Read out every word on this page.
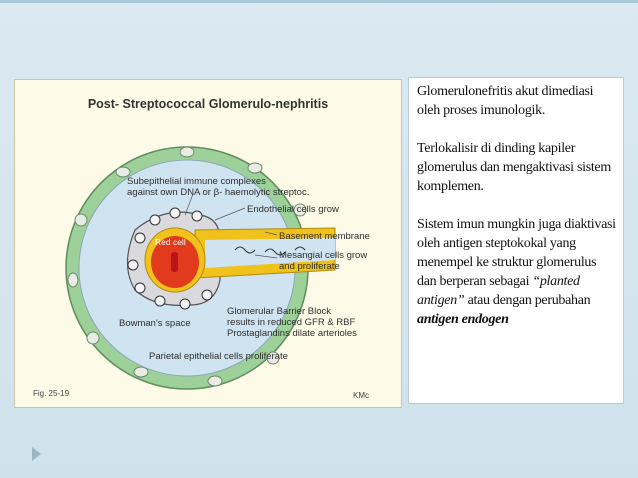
Post- Streptococcal Glomerulo-nephritis
Subepithelial immune complexes
against own DNA or β- haemolytic streptoc.
Endothelial cells grow
Basement membrane
Mesangial cells grow
and proliferate
Red cell
Glomerular Barrier Block
results in reduced GFR & RBF
Prostaglandins dilate arterioles
Bowman's space
Parietal epithelial cells proliferate
Fig. 25-19	KMc

Glomerulonefritis akut dimediasi oleh proses imunologik.

Terlokalisir di dinding kapiler glomerulus dan mengaktivasi sistem komplemen.

Sistem imun mungkin juga diaktivasi oleh antigen steptokokal yang menempel ke struktur glomerulus dan berperan sebagai “planted antigen” atau dengan perubahan antigen endogen
